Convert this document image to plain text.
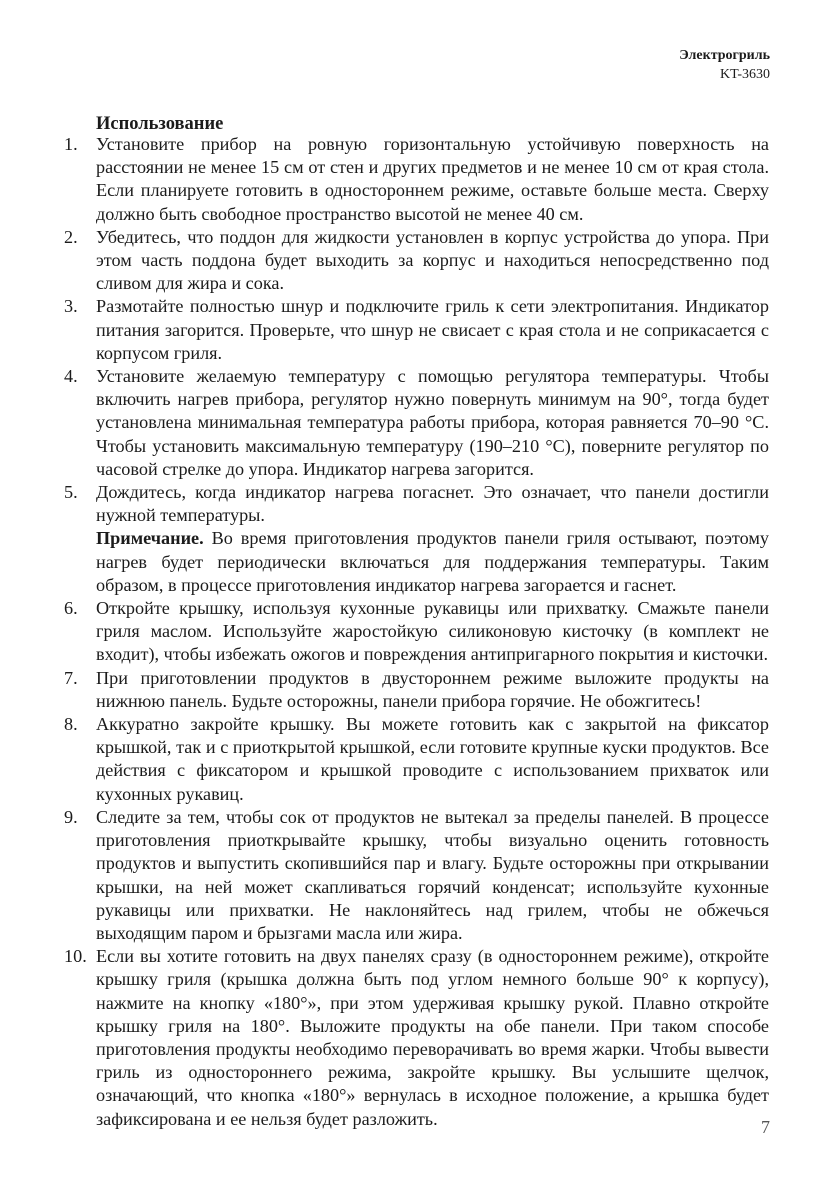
Электрогриль
KT-3630
Использование
1.	Установите прибор на ровную горизонтальную устойчивую поверхность на расстоянии не менее 15 см от стен и других предметов и не менее 10 см от края стола. Если планируете готовить в одностороннем режиме, оставьте больше места. Сверху должно быть свободное пространство высотой не менее 40 см.
2.	Убедитесь, что поддон для жидкости установлен в корпус устройства до упора. При этом часть поддона будет выходить за корпус и находиться непосредственно под сливом для жира и сока.
3.	Размотайте полностью шнур и подключите гриль к сети электропитания. Индикатор питания загорится. Проверьте, что шнур не свисает с края стола и не соприкасается с корпусом гриля.
4.	Установите желаемую температуру с помощью регулятора температуры. Чтобы включить нагрев прибора, регулятор нужно повернуть минимум на 90°, тогда будет установлена минимальная температура работы прибора, которая равняется 70–90 °С. Чтобы установить максимальную температуру (190–210 °С), поверните регулятор по часовой стрелке до упора. Индикатор нагрева загорится.
5.	Дождитесь, когда индикатор нагрева погаснет. Это означает, что панели достигли нужной температуры.
Примечание. Во время приготовления продуктов панели гриля остывают, поэтому нагрев будет периодически включаться для поддержания температуры. Таким образом, в процессе приготовления индикатор нагрева загорается и гаснет.
6.	Откройте крышку, используя кухонные рукавицы или прихватку. Смажьте панели гриля маслом. Используйте жаростойкую силиконовую кисточку (в комплект не входит), чтобы избежать ожогов и повреждения антипригарного покрытия и кисточки.
7.	При приготовлении продуктов в двустороннем режиме выложите продукты на нижнюю панель. Будьте осторожны, панели прибора горячие. Не обожгитесь!
8.	Аккуратно закройте крышку. Вы можете готовить как с закрытой на фиксатор крышкой, так и с приоткрытой крышкой, если готовите крупные куски продуктов. Все действия с фиксатором и крышкой проводите с использованием прихваток или кухонных рукавиц.
9.	Следите за тем, чтобы сок от продуктов не вытекал за пределы панелей. В процессе приготовления приоткрывайте крышку, чтобы визуально оценить готовность продуктов и выпустить скопившийся пар и влагу. Будьте осторожны при открывании крышки, на ней может скапливаться горячий конденсат; используйте кухонные рукавицы или прихватки. Не наклоняйтесь над грилем, чтобы не обжечься выходящим паром и брызгами масла или жира.
10. Если вы хотите готовить на двух панелях сразу (в одностороннем режиме), откройте крышку гриля (крышка должна быть под углом немного больше 90° к корпусу), нажмите на кнопку «180°», при этом удерживая крышку рукой. Плавно откройте крышку гриля на 180°. Выложите продукты на обе панели. При таком способе приготовления продукты необходимо переворачивать во время жарки. Чтобы вывести гриль из одностороннего режима, закройте крышку. Вы услышите щелчок, означающий, что кнопка «180°» вернулась в исходное положение, а крышка будет зафиксирована и ее нельзя будет разложить.	7
